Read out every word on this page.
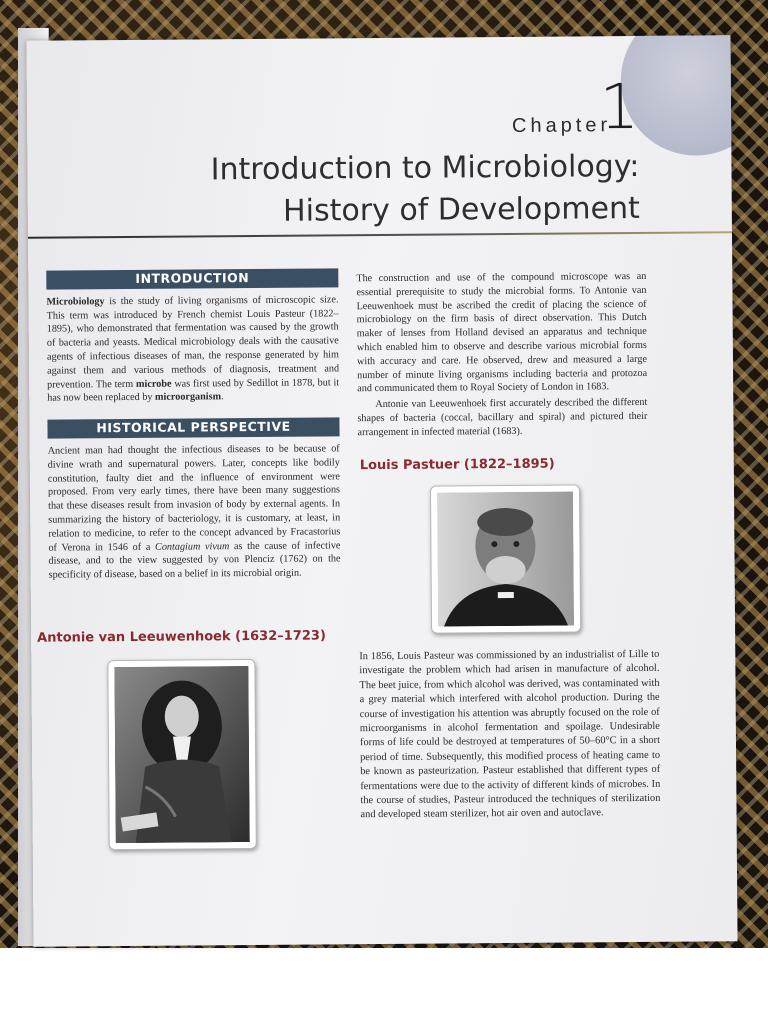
Chapter
1
Introduction to Microbiology:
History of Development
INTRODUCTION

Microbiology is the study of living organisms of microscopic size. This term was introduced by French chemist Louis Pasteur (1822–1895), who demonstrated that fermentation was caused by the growth of bacteria and yeasts. Medical microbiology deals with the causative agents of infectious diseases of man, the response generated by him against them and various methods of diagnosis, treatment and prevention. The term microbe was first used by Sedillot in 1878, but it has now been replaced by microorganism.

HISTORICAL PERSPECTIVE

Ancient man had thought the infectious diseases to be because of divine wrath and supernatural powers. Later, concepts like bodily constitution, faulty diet and the influence of environment were proposed. From very early times, there have been many suggestions that these diseases result from invasion of body by external agents. In summarizing the history of bacteriology, it is customary, at least, in relation to medicine, to refer to the concept advanced by Fracastorius of Verona in 1546 of a Contagium vivum as the cause of infective disease, and to the view suggested by von Plenciz (1762) on the specificity of disease, based on a belief in its microbial origin.

Antonie van Leeuwenhoek (1632–1723)

The construction and use of the compound microscope was an essential prerequisite to study the microbial forms. To Antonie van Leeuwenhoek must be ascribed the credit of placing the science of microbiology on the firm basis of direct observation. This Dutch maker of lenses from Holland devised an apparatus and technique which enabled him to observe and describe various microbial forms with accuracy and care. He observed, drew and measured a large number of minute living organisms including bacteria and protozoa and communicated them to Royal Society of London in 1683.

Antonie van Leeuwenhoek first accurately described the different shapes of bacteria (coccal, bacillary and spiral) and pictured their arrangement in infected material (1683).

Louis Pastuer (1822–1895)

In 1856, Louis Pasteur was commissioned by an industrialist of Lille to investigate the problem which had arisen in manufacture of alcohol. The beet juice, from which alcohol was derived, was contaminated with a grey material which interfered with alcohol production. During the course of investigation his attention was abruptly focused on the role of microorganisms in alcohol fermentation and spoilage. Undesirable forms of life could be destroyed at temperatures of 50–60°C in a short period of time. Subsequently, this modified process of heating came to be known as pasteurization. Pasteur established that different types of fermentations were due to the activity of different kinds of microbes. In the course of studies, Pasteur introduced the techniques of sterilization and developed steam sterilizer, hot air oven and autoclave.
